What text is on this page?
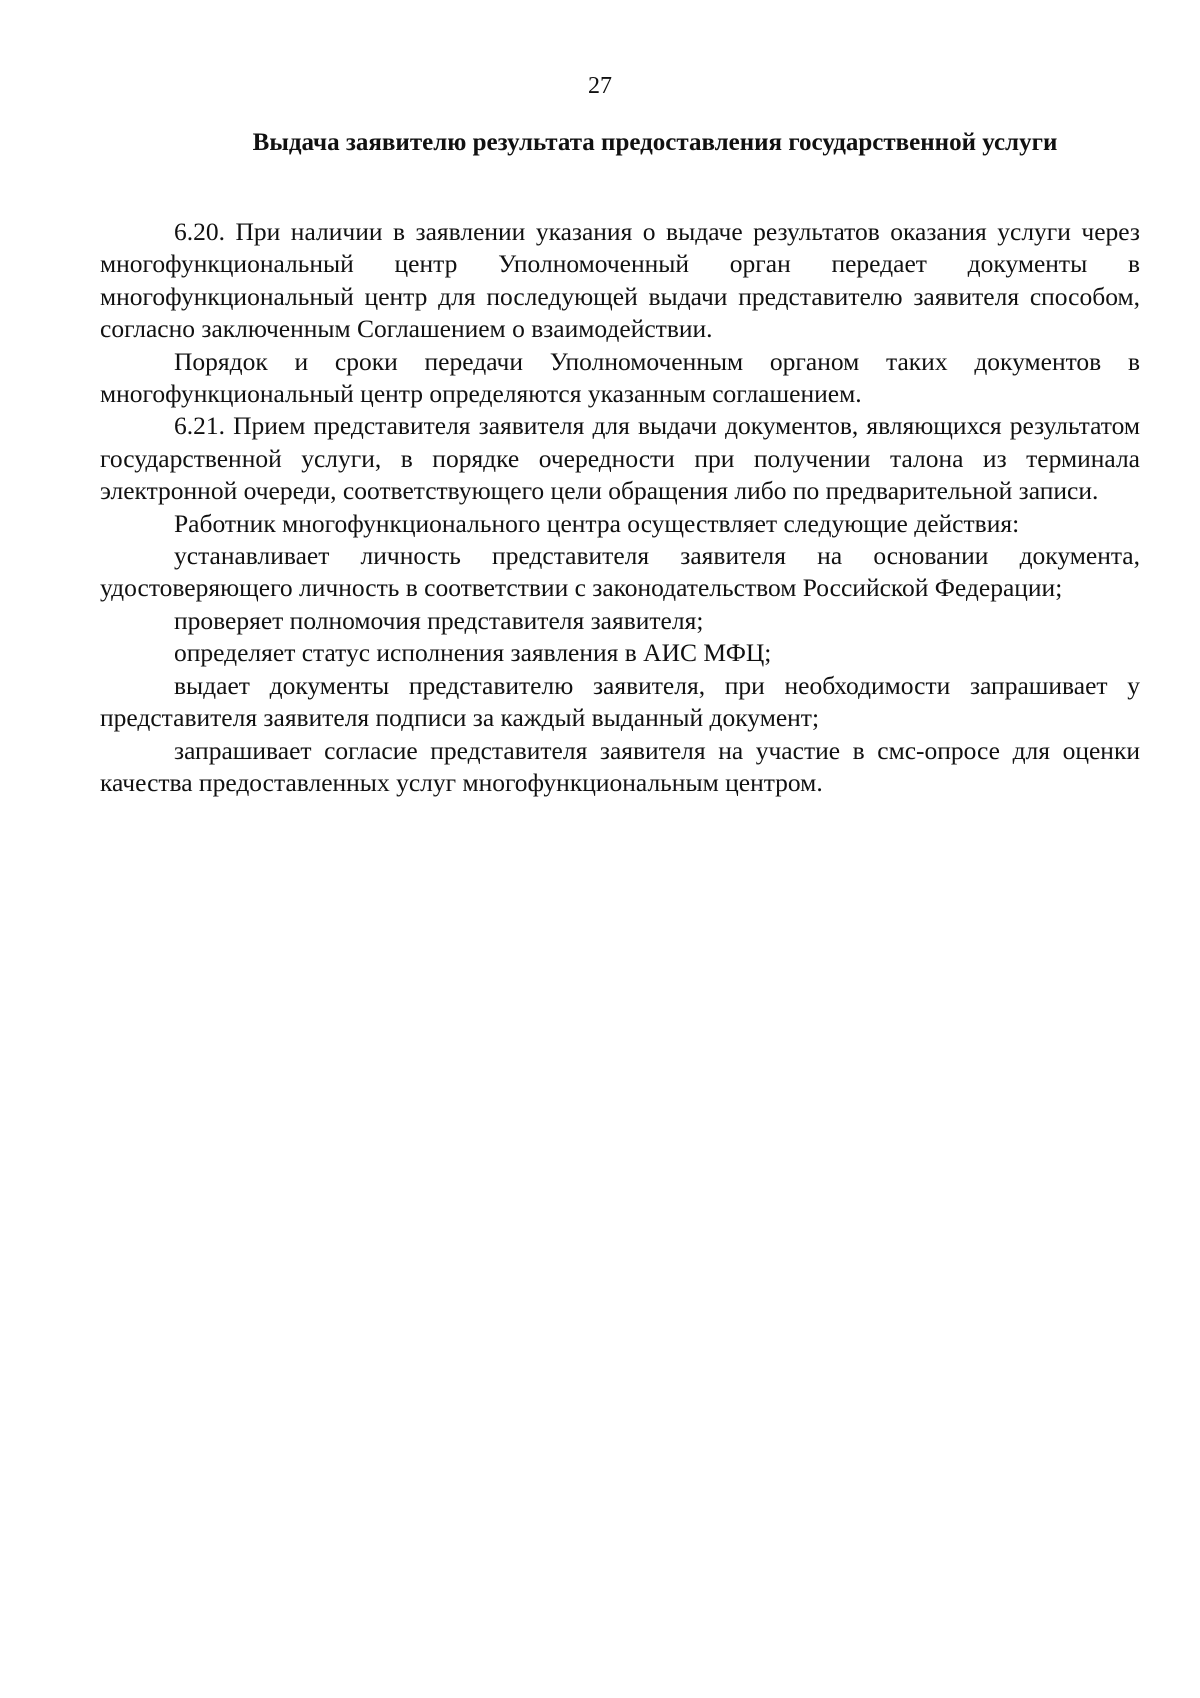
27
Выдача заявителю результата предоставления государственной услуги

6.20. При наличии в заявлении указания о выдаче результатов оказания услуги через многофункциональный центр Уполномоченный орган передает документы в многофункциональный центр для последующей выдачи представителю заявителя способом, согласно заключенным Соглашением о взаимодействии.

Порядок и сроки передачи Уполномоченным органом таких документов в многофункциональный центр определяются указанным соглашением.

6.21. Прием представителя заявителя для выдачи документов, являющихся результатом государственной услуги, в порядке очередности при получении талона из терминала электронной очереди, соответствующего цели обращения либо по предварительной записи.

Работник многофункционального центра осуществляет следующие действия:

устанавливает личность представителя заявителя на основании документа, удостоверяющего личность в соответствии с законодательством Российской Федерации;

проверяет полномочия представителя заявителя;

определяет статус исполнения заявления в АИС МФЦ;

выдает документы представителю заявителя, при необходимости запрашивает у представителя заявителя подписи за каждый выданный документ;

запрашивает согласие представителя заявителя на участие в смс-опросе для оценки качества предоставленных услуг многофункциональным центром.
